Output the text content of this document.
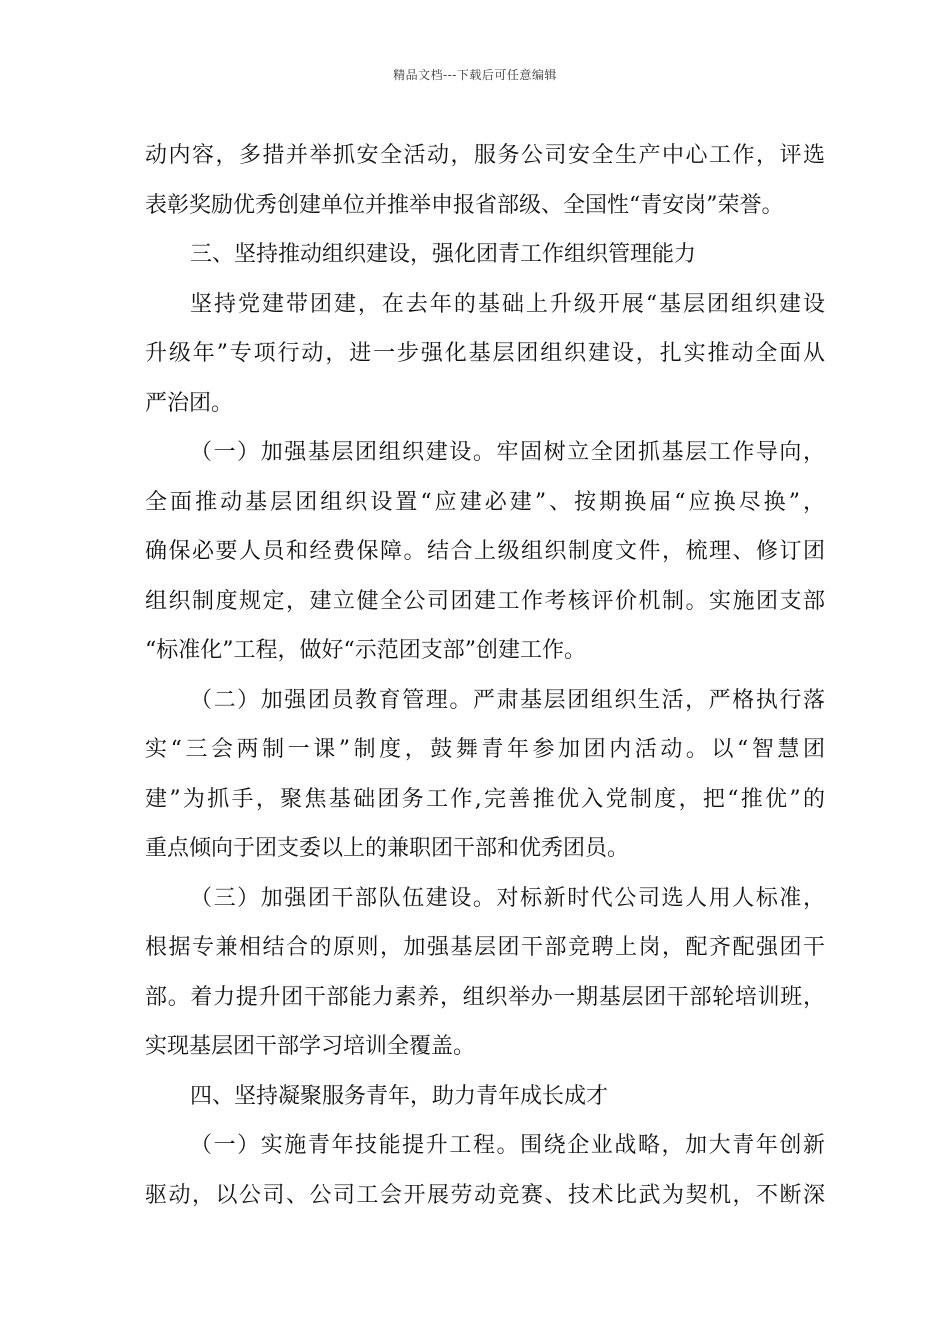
精品文档---下载后可任意编辑
动内容，多措并举抓安全活动，服务公司安全生产中心工作，评选
表彰奖励优秀创建单位并推举申报省部级、全国性“青安岗”荣誉。
三、坚持推动组织建设，强化团青工作组织管理能力
坚持党建带团建，在去年的基础上升级开展“基层团组织建设
升级年”专项行动，进一步强化基层团组织建设，扎实推动全面从
严治团。
（一）加强基层团组织建设。牢固树立全团抓基层工作导向，
全面推动基层团组织设置“应建必建”、按期换届“应换尽换”，
确保必要人员和经费保障。结合上级组织制度文件，梳理、修订团
组织制度规定，建立健全公司团建工作考核评价机制。实施团支部
“标准化”工程，做好“示范团支部”创建工作。
（二）加强团员教育管理。严肃基层团组织生活，严格执行落
实“三会两制一课”制度，鼓舞青年参加团内活动。以“智慧团
建”为抓手，聚焦基础团务工作,完善推优入党制度，把“推优”的
重点倾向于团支委以上的兼职团干部和优秀团员。
（三）加强团干部队伍建设。对标新时代公司选人用人标准，
根据专兼相结合的原则，加强基层团干部竞聘上岗，配齐配强团干
部。着力提升团干部能力素养，组织举办一期基层团干部轮培训班，
实现基层团干部学习培训全覆盖。
四、坚持凝聚服务青年，助力青年成长成才
（一）实施青年技能提升工程。围绕企业战略，加大青年创新
驱动，以公司、公司工会开展劳动竞赛、技术比武为契机，不断深
